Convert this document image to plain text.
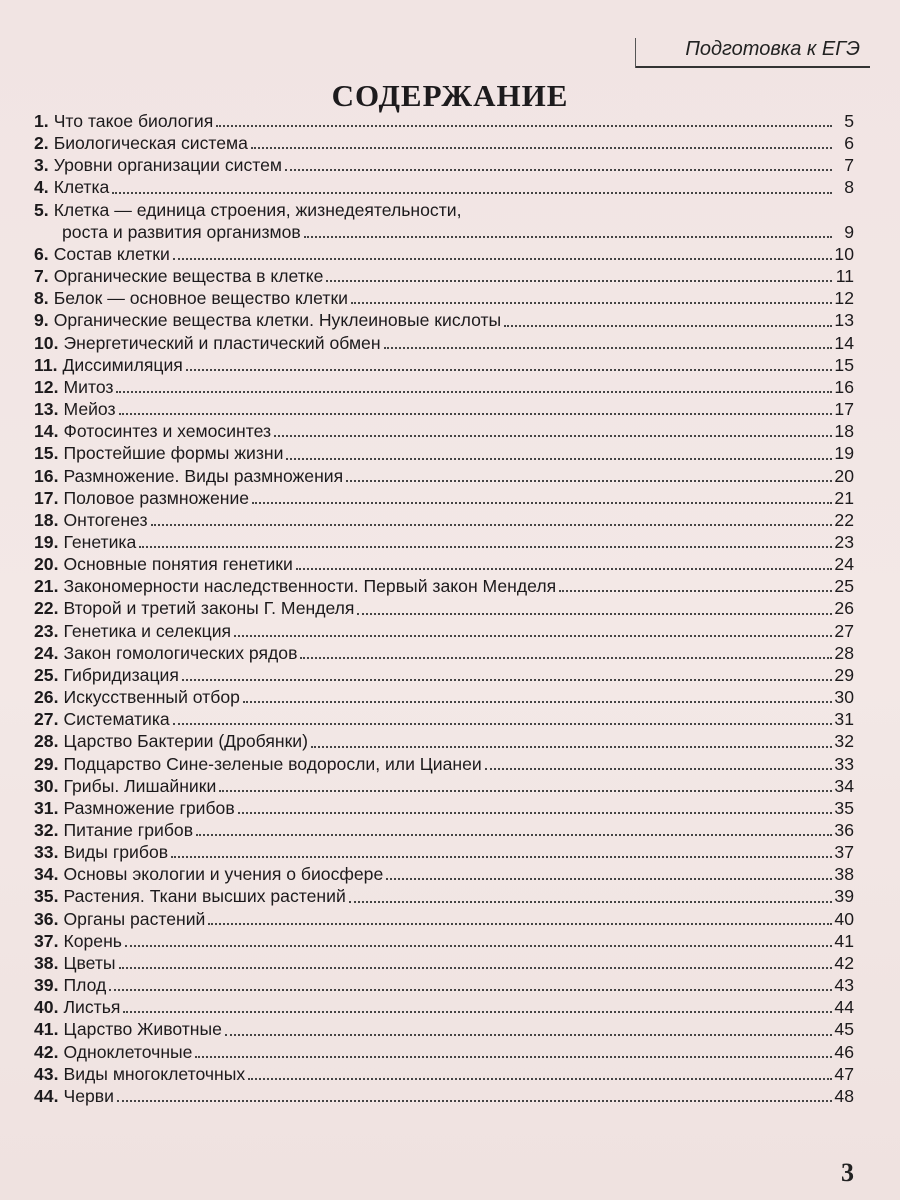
Подготовка к ЕГЭ
СОДЕРЖАНИЕ
1. Что такое биология	5
2. Биологическая система	6
3. Уровни организации систем	7
4. Клетка	8
5. Клетка — единица строения, жизнедеятельности,
роста и развития организмов	9
6. Состав клетки	10
7. Органические вещества в клетке	11
8. Белок — основное вещество клетки	12
9. Органические вещества клетки. Нуклеиновые кислоты	13
10. Энергетический и пластический обмен	14
11. Диссимиляция	15
12. Митоз	16
13. Мейоз	17
14. Фотосинтез и хемосинтез	18
15. Простейшие формы жизни	19
16. Размножение. Виды размножения	20
17. Половое размножение	21
18. Онтогенез	22
19. Генетика	23
20. Основные понятия генетики	24
21. Закономерности наследственности. Первый закон Менделя	25
22. Второй и третий законы Г. Менделя	26
23. Генетика и селекция	27
24. Закон гомологических рядов	28
25. Гибридизация	29
26. Искусственный отбор	30
27. Систематика	31
28. Царство Бактерии (Дробянки)	32
29. Подцарство Сине-зеленые водоросли, или Цианеи	33
30. Грибы. Лишайники	34
31. Размножение грибов	35
32. Питание грибов	36
33. Виды грибов	37
34. Основы экологии и учения о биосфере	38
35. Растения. Ткани высших растений	39
36. Органы растений	40
37. Корень	41
38. Цветы	42
39. Плод	43
40. Листья	44
41. Царство Животные	45
42. Одноклеточные	46
43. Виды многоклеточных	47
44. Черви	48
3
